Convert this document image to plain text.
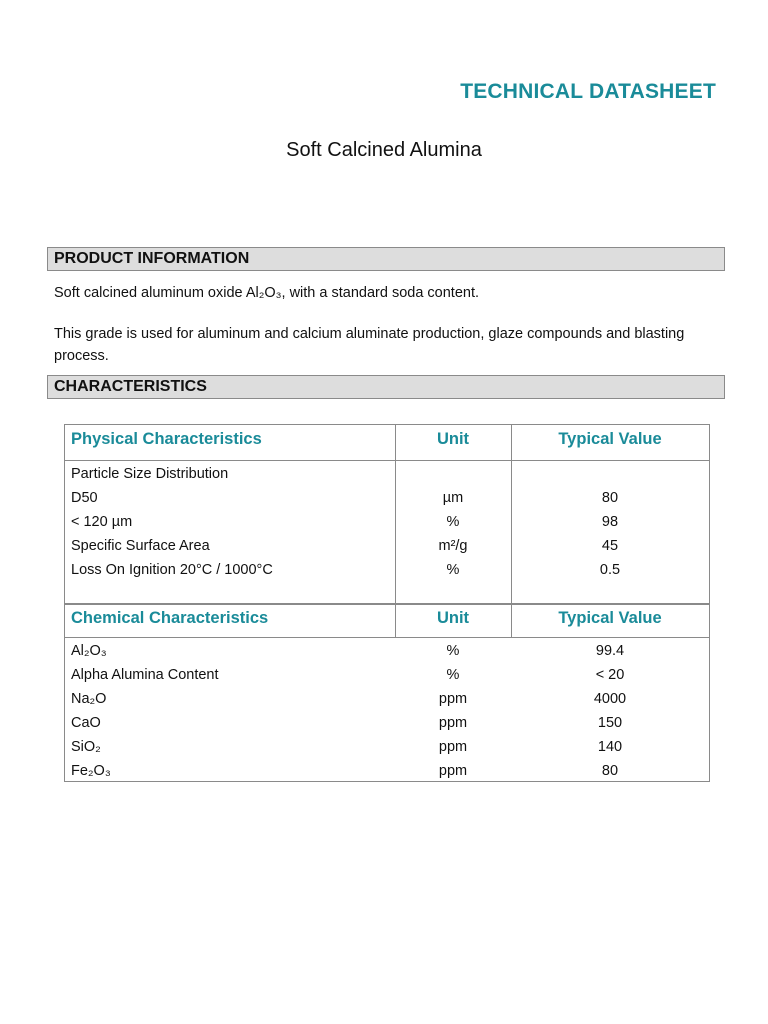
TECHNICAL DATASHEET
Soft Calcined Alumina
PRODUCT INFORMATION
Soft calcined aluminum oxide Al₂O₃, with a standard soda content.
This grade is used for aluminum and calcium aluminate production, glaze compounds and blasting process.
CHARACTERISTICS
Physical Characteristics	Unit	Typical Value
Particle Size Distribution
D50	µm	80
< 120 µm	%	98
Specific Surface Area	m²/g	45
Loss On Ignition 20°C / 1000°C	%	0.5
Chemical Characteristics	Unit	Typical Value
Al₂O₃	%	99.4
Alpha Alumina Content	%	< 20
Na₂O	ppm	4000
CaO	ppm	150
SiO₂	ppm	140
Fe₂O₃	ppm	80
